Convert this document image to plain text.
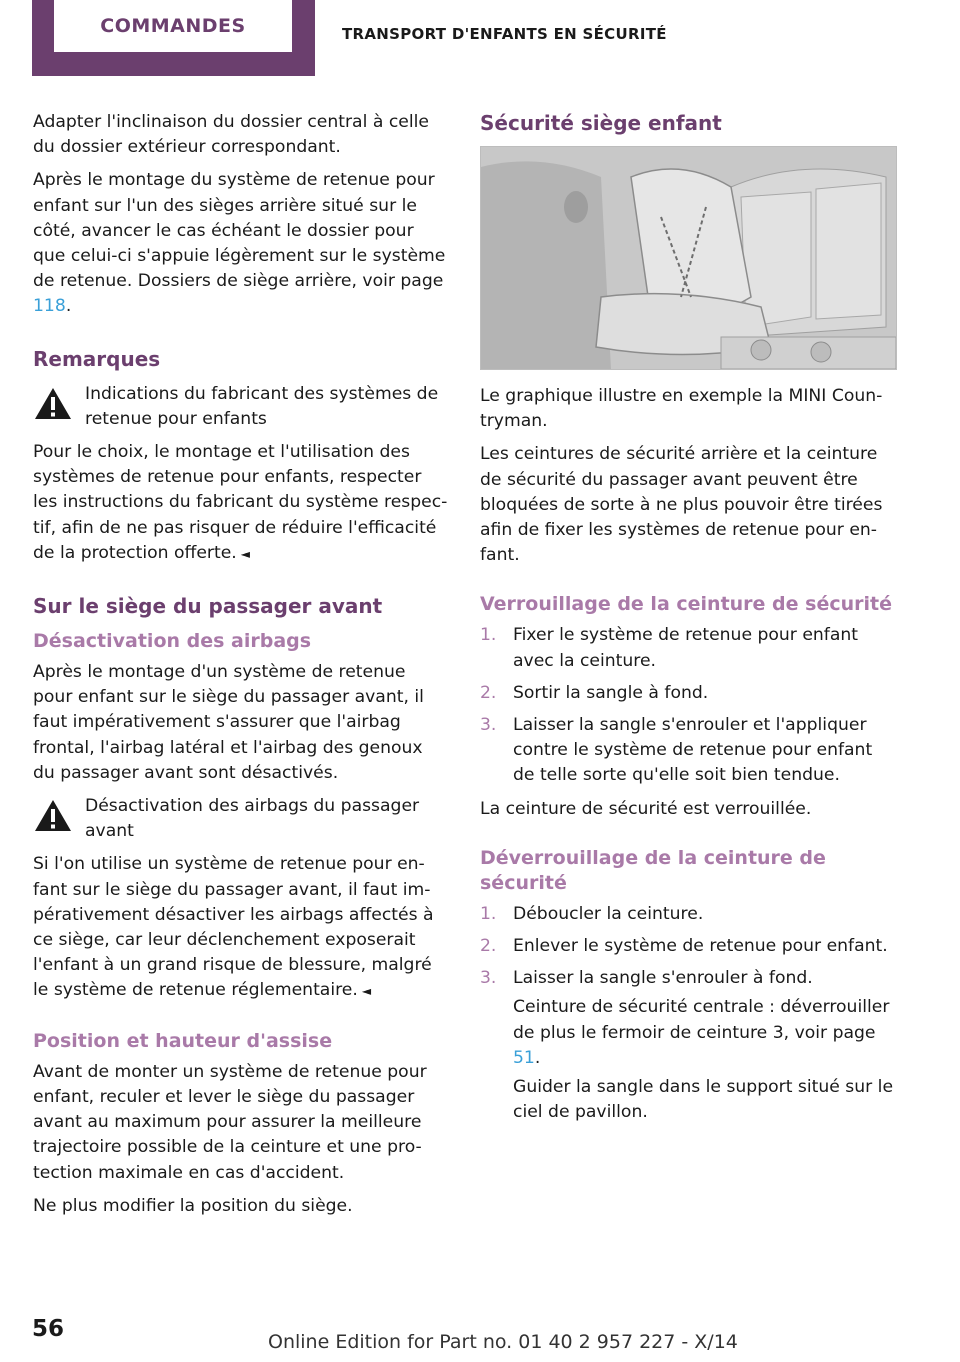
COMMANDES	TRANSPORT D'ENFANTS EN SÉCURITÉ

Adapter l'inclinaison du dossier central à celle du dossier extérieur correspondant.

Après le montage du système de retenue pour enfant sur l'un des sièges arrière situé sur le côté, avancer le cas échéant le dossier pour que celui-ci s'appuie légèrement sur le système de retenue. Dossiers de siège arrière, voir page 118.

Remarques
Indications du fabricant des systèmes de retenue pour enfants

Pour le choix, le montage et l'utilisation des systèmes de retenue pour enfants, respecter les instructions du fabricant du système respec-tif, afin de ne pas risquer de réduire l'efficacité de la protection offerte. ◄

Sur le siège du passager avant
Désactivation des airbags

Après le montage d'un système de retenue pour enfant sur le siège du passager avant, il faut impérativement s'assurer que l'airbag frontal, l'airbag latéral et l'airbag des genoux du passager avant sont désactivés.

Désactivation des airbags du passager avant

Si l'on utilise un système de retenue pour en-fant sur le siège du passager avant, il faut im-pérativement désactiver les airbags affectés à ce siège, car leur déclenchement exposerait l'enfant à un grand risque de blessure, malgré le système de retenue réglementaire. ◄

Position et hauteur d'assise

Avant de monter un système de retenue pour enfant, reculer et lever le siège du passager avant au maximum pour assurer la meilleure trajectoire possible de la ceinture et une pro-tection maximale en cas d'accident.

Ne plus modifier la position du siège.

Sécurité siège enfant

Le graphique illustre en exemple la MINI Coun-tryman.

Les ceintures de sécurité arrière et la ceinture de sécurité du passager avant peuvent être bloquées de sorte à ne plus pouvoir être tirées afin de fixer les systèmes de retenue pour en-fant.

Verrouillage de la ceinture de sécurité
1. Fixer le système de retenue pour enfant avec la ceinture.
2. Sortir la sangle à fond.
3. Laisser la sangle s'enrouler et l'appliquer contre le système de retenue pour enfant de telle sorte qu'elle soit bien tendue.

La ceinture de sécurité est verrouillée.

Déverrouillage de la ceinture de sécurité
1. Déboucler la ceinture.
2. Enlever le système de retenue pour enfant.
3. Laisser la sangle s'enrouler à fond.
Ceinture de sécurité centrale : déverrouiller de plus le fermoir de ceinture 3, voir page 51.
Guider la sangle dans le support situé sur le ciel de pavillon.
56	Online Edition for Part no. 01 40 2 957 227 - X/14
